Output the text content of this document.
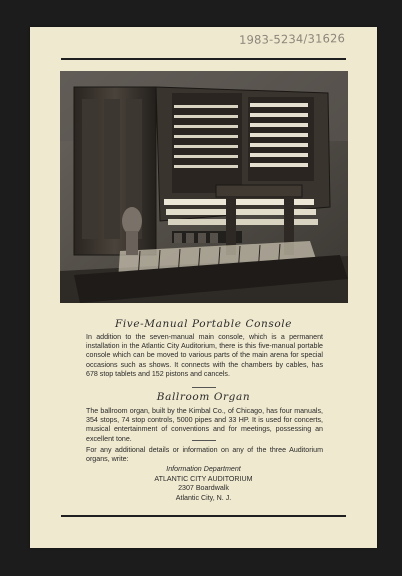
1983-5234/31626
Five-Manual Portable Console
In addition to the seven-manual main console, which is a permanent installation in the Atlantic City Auditorium, there is this five-manual portable console which can be moved to various parts of the main arena for special occasions such as shows. It connects with the chambers by cables, has 678 stop tablets and 152 pistons and cancels.
Ballroom Organ
The ballroom organ, built by the Kimbal Co., of Chicago, has four manuals, 354 stops, 74 stop controls, 5000 pipes and 33 HP. It is used for concerts, musical entertainment of conventions and for meetings, possessing an excellent tone.
For any additional details or information on any of the three Auditorium organs, write:
Information Department
ATLANTIC CITY AUDITORIUM
2307 Boardwalk
Atlantic City, N. J.
